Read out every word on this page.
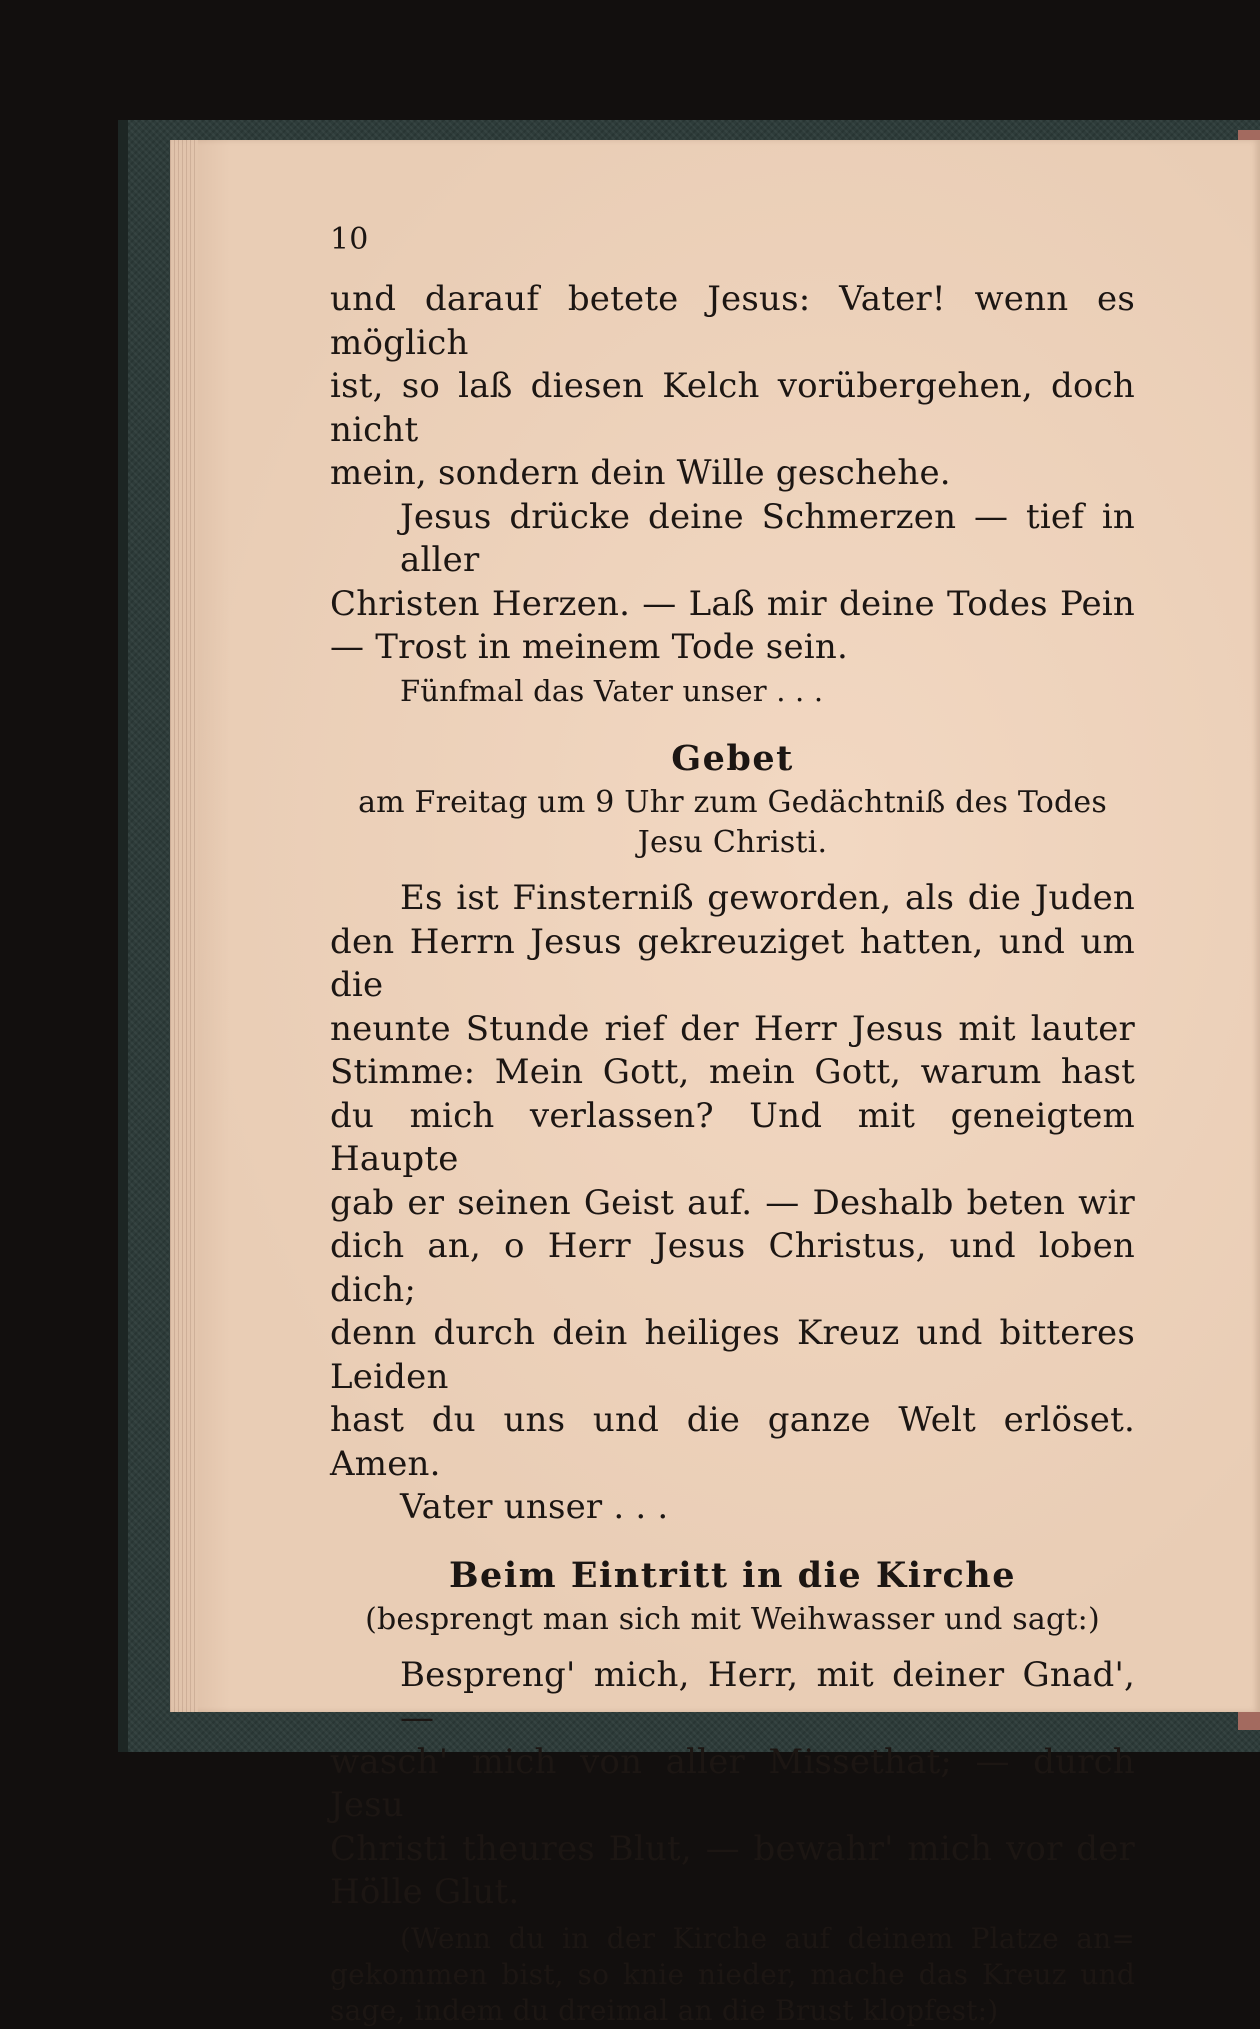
10
und darauf betete Jesus: Vater! wenn es möglich
ist, so laß diesen Kelch vorübergehen, doch nicht
mein, sondern dein Wille geschehe.
Jesus drücke deine Schmerzen — tief in aller
Christen Herzen. — Laß mir deine Todes Pein
— Trost in meinem Tode sein.
Fünfmal das Vater unser . . .
Gebet
am Freitag um 9 Uhr zum Gedächtniß des Todes
Jesu Christi.
Es ist Finsterniß geworden, als die Juden
den Herrn Jesus gekreuziget hatten, und um die
neunte Stunde rief der Herr Jesus mit lauter
Stimme: Mein Gott, mein Gott, warum hast
du mich verlassen? Und mit geneigtem Haupte
gab er seinen Geist auf. — Deshalb beten wir
dich an, o Herr Jesus Christus, und loben dich;
denn durch dein heiliges Kreuz und bitteres Leiden
hast du uns und die ganze Welt erlöset. Amen.
Vater unser . . .
Beim Eintritt in die Kirche
(besprengt man sich mit Weihwasser und sagt:)
Bespreng' mich, Herr, mit deiner Gnad', —
wasch' mich von aller Missethat; — durch Jesu
Christi theures Blut, — bewahr' mich vor der
Hölle Glut.
(Wenn du in der Kirche auf deinem Platze an=
gekommen bist, so knie nieder, mache das Kreuz und
sage, indem du dreimal an die Brust klopfest:)
